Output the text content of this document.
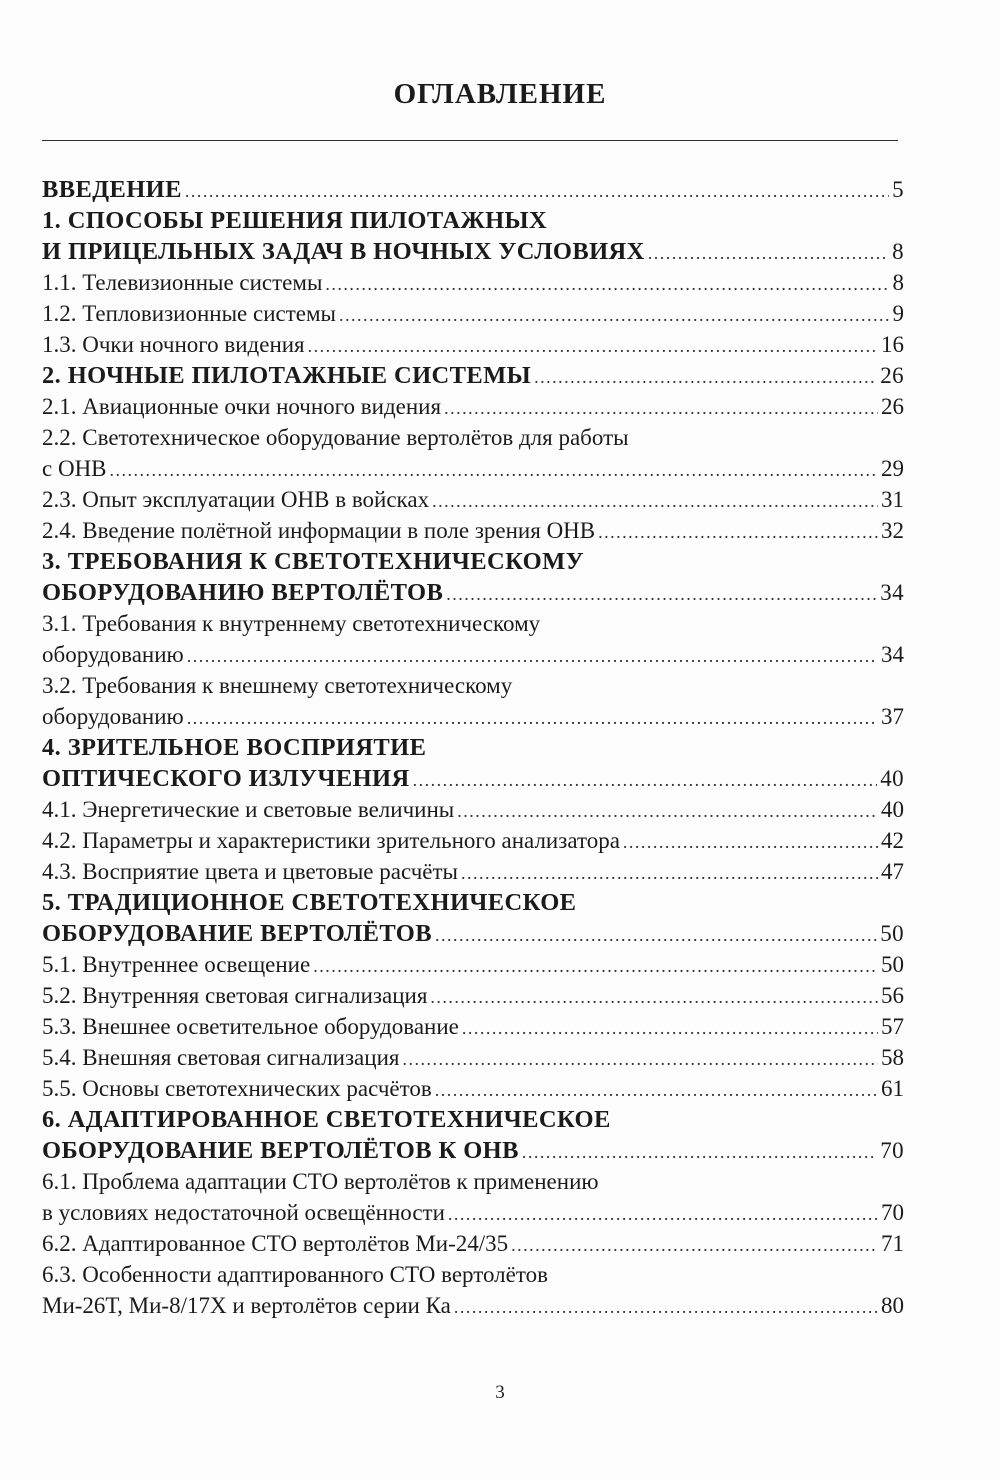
ОГЛАВЛЕНИЕ
ВВЕДЕНИЕ .....	5
1. СПОСОБЫ РЕШЕНИЯ ПИЛОТАЖНЫХ
И ПРИЦЕЛЬНЫХ ЗАДАЧ В НОЧНЫХ УСЛОВИЯХ .....	8
1.1. Телевизионные системы .....	8
1.2. Тепловизионные системы .....	9
1.3. Очки ночного видения .....	16
2. НОЧНЫЕ ПИЛОТАЖНЫЕ СИСТЕМЫ .....	26
2.1. Авиационные очки ночного видения .....	26
2.2. Светотехническое оборудование вертолётов для работы
с ОНВ .....	29
2.3. Опыт эксплуатации ОНВ в войсках .....	31
2.4. Введение полётной информации в поле зрения ОНВ .....	32
3. ТРЕБОВАНИЯ К СВЕТОТЕХНИЧЕСКОМУ
ОБОРУДОВАНИЮ ВЕРТОЛЁТОВ .....	34
3.1. Требования к внутреннему светотехническому
оборудованию .....	34
3.2. Требования к внешнему светотехническому
оборудованию .....	37
4. ЗРИТЕЛЬНОЕ ВОСПРИЯТИЕ
ОПТИЧЕСКОГО ИЗЛУЧЕНИЯ .....	40
4.1. Энергетические и световые величины .....	40
4.2. Параметры и характеристики зрительного анализатора .....	42
4.3. Восприятие цвета и цветовые расчёты .....	47
5. ТРАДИЦИОННОЕ СВЕТОТЕХНИЧЕСКОЕ
ОБОРУДОВАНИЕ ВЕРТОЛЁТОВ .....	50
5.1. Внутреннее освещение .....	50
5.2. Внутренняя световая сигнализация .....	56
5.3. Внешнее осветительное оборудование .....	57
5.4. Внешняя световая сигнализация .....	58
5.5. Основы светотехнических расчётов .....	61
6. АДАПТИРОВАННОЕ СВЕТОТЕХНИЧЕСКОЕ
ОБОРУДОВАНИЕ ВЕРТОЛЁТОВ К ОНВ .....	70
6.1. Проблема адаптации СТО вертолётов к применению
в условиях недостаточной освещённости .....	70
6.2. Адаптированное СТО вертолётов Ми-24/35 .....	71
6.3. Особенности адаптированного СТО вертолётов
Ми-26Т, Ми-8/17Х и вертолётов серии Ка .....	80
3
